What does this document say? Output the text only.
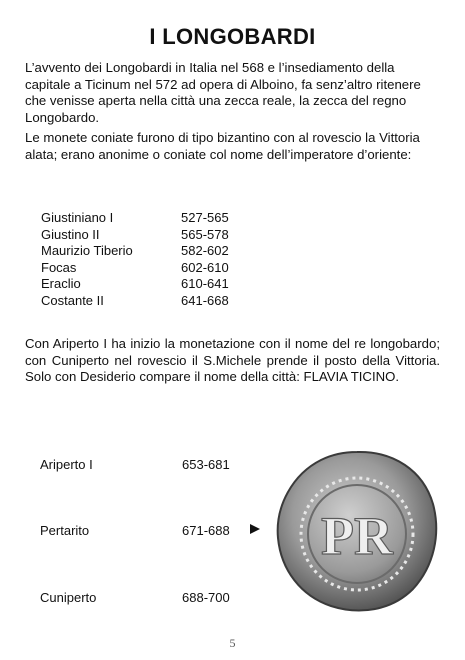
I LONGOBARDI

L’avvento dei Longobardi in Italia nel 568 e l’insediamento della capitale a Ticinum nel 572 ad opera di Alboino, fa senz’altro ritenere che venisse aperta nella città una zecca reale, la zecca del regno Longobardo.

Le monete coniate furono di tipo bizantino con al rovescio la Vittoria alata; erano anonime o coniate col nome dell’imperatore d’oriente:

Giustiniano I	527-565
Giustino II	565-578
Maurizio Tiberio	582-602
Focas	602-610
Eraclio	610-641
Costante II	641-668

Con Ariperto I ha inizio la monetazione con il nome del re longobardo; con Cuniperto nel rovescio il S.Michele prende il posto della Vittoria. Solo con Desiderio compare il nome della città: FLAVIA TICINO.

Ariperto I	653-681
Pertarito	671-688
Cuniperto	688-700
PR
5
